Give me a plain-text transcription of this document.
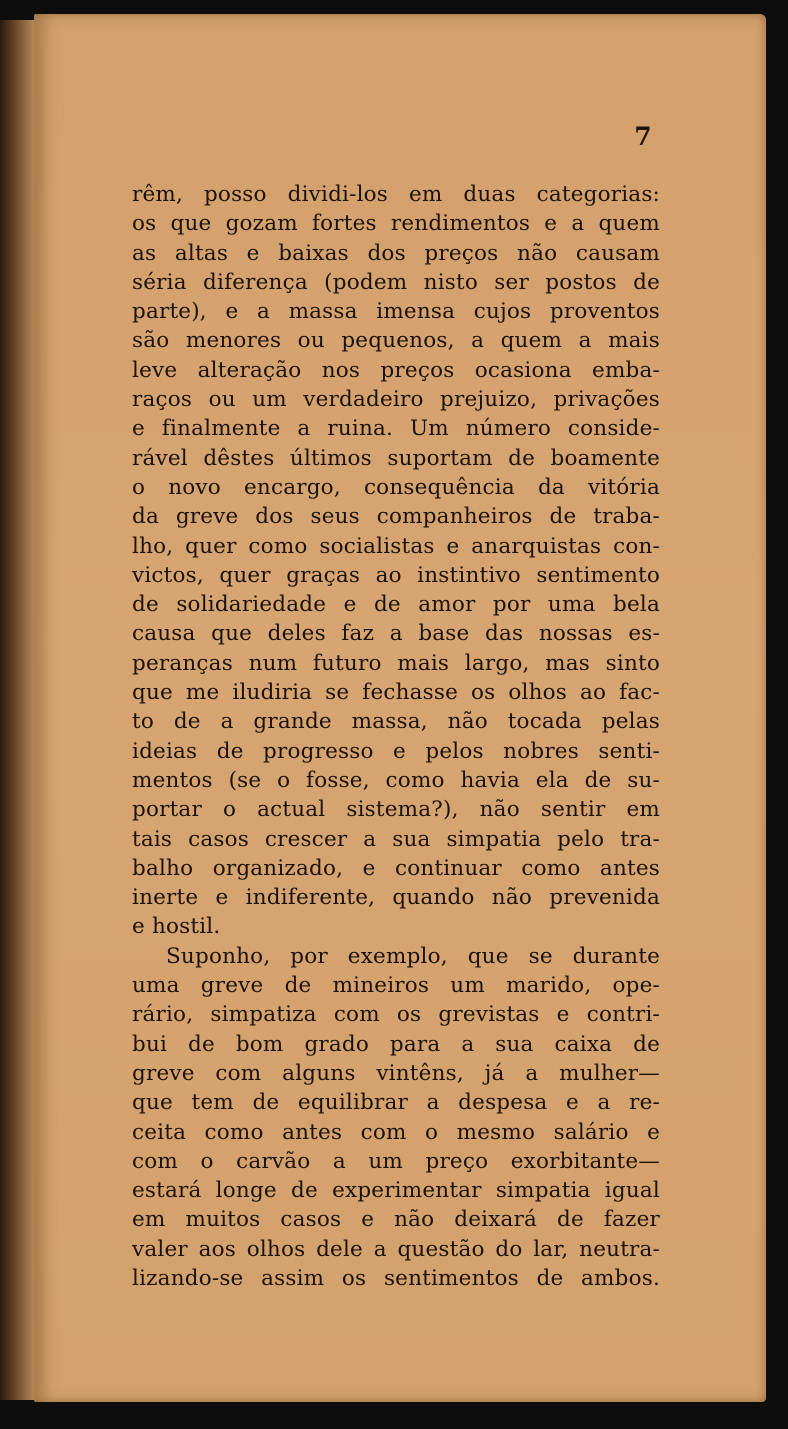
7
rêm, posso dividi-los em duas categorias:
os que gozam fortes rendimentos e a quem
as altas e baixas dos preços não causam
séria diferença (podem nisto ser postos de
parte), e a massa imensa cujos proventos
são menores ou pequenos, a quem a mais
leve alteração nos preços ocasiona emba-
raços ou um verdadeiro prejuizo, privações
e finalmente a ruina. Um número conside-
rável dêstes últimos suportam de boamente
o novo encargo, consequência da vitória
da greve dos seus companheiros de traba-
lho, quer como socialistas e anarquistas con-
victos, quer graças ao instintivo sentimento
de solidariedade e de amor por uma bela
causa que deles faz a base das nossas es-
peranças num futuro mais largo, mas sinto
que me iludiria se fechasse os olhos ao fac-
to de a grande massa, não tocada pelas
ideias de progresso e pelos nobres senti-
mentos (se o fosse, como havia ela de su-
portar o actual sistema?), não sentir em
tais casos crescer a sua simpatia pelo tra-
balho organizado, e continuar como antes
inerte e indiferente, quando não prevenida
e hostil.
Suponho, por exemplo, que se durante
uma greve de mineiros um marido, ope-
rário, simpatiza com os grevistas e contri-
bui de bom grado para a sua caixa de
greve com alguns vintêns, já a mulher—
que tem de equilibrar a despesa e a re-
ceita como antes com o mesmo salário e
com o carvão a um preço exorbitante—
estará longe de experimentar simpatia igual
em muitos casos e não deixará de fazer
valer aos olhos dele a questão do lar, neutra-
lizando-se assim os sentimentos de ambos.
